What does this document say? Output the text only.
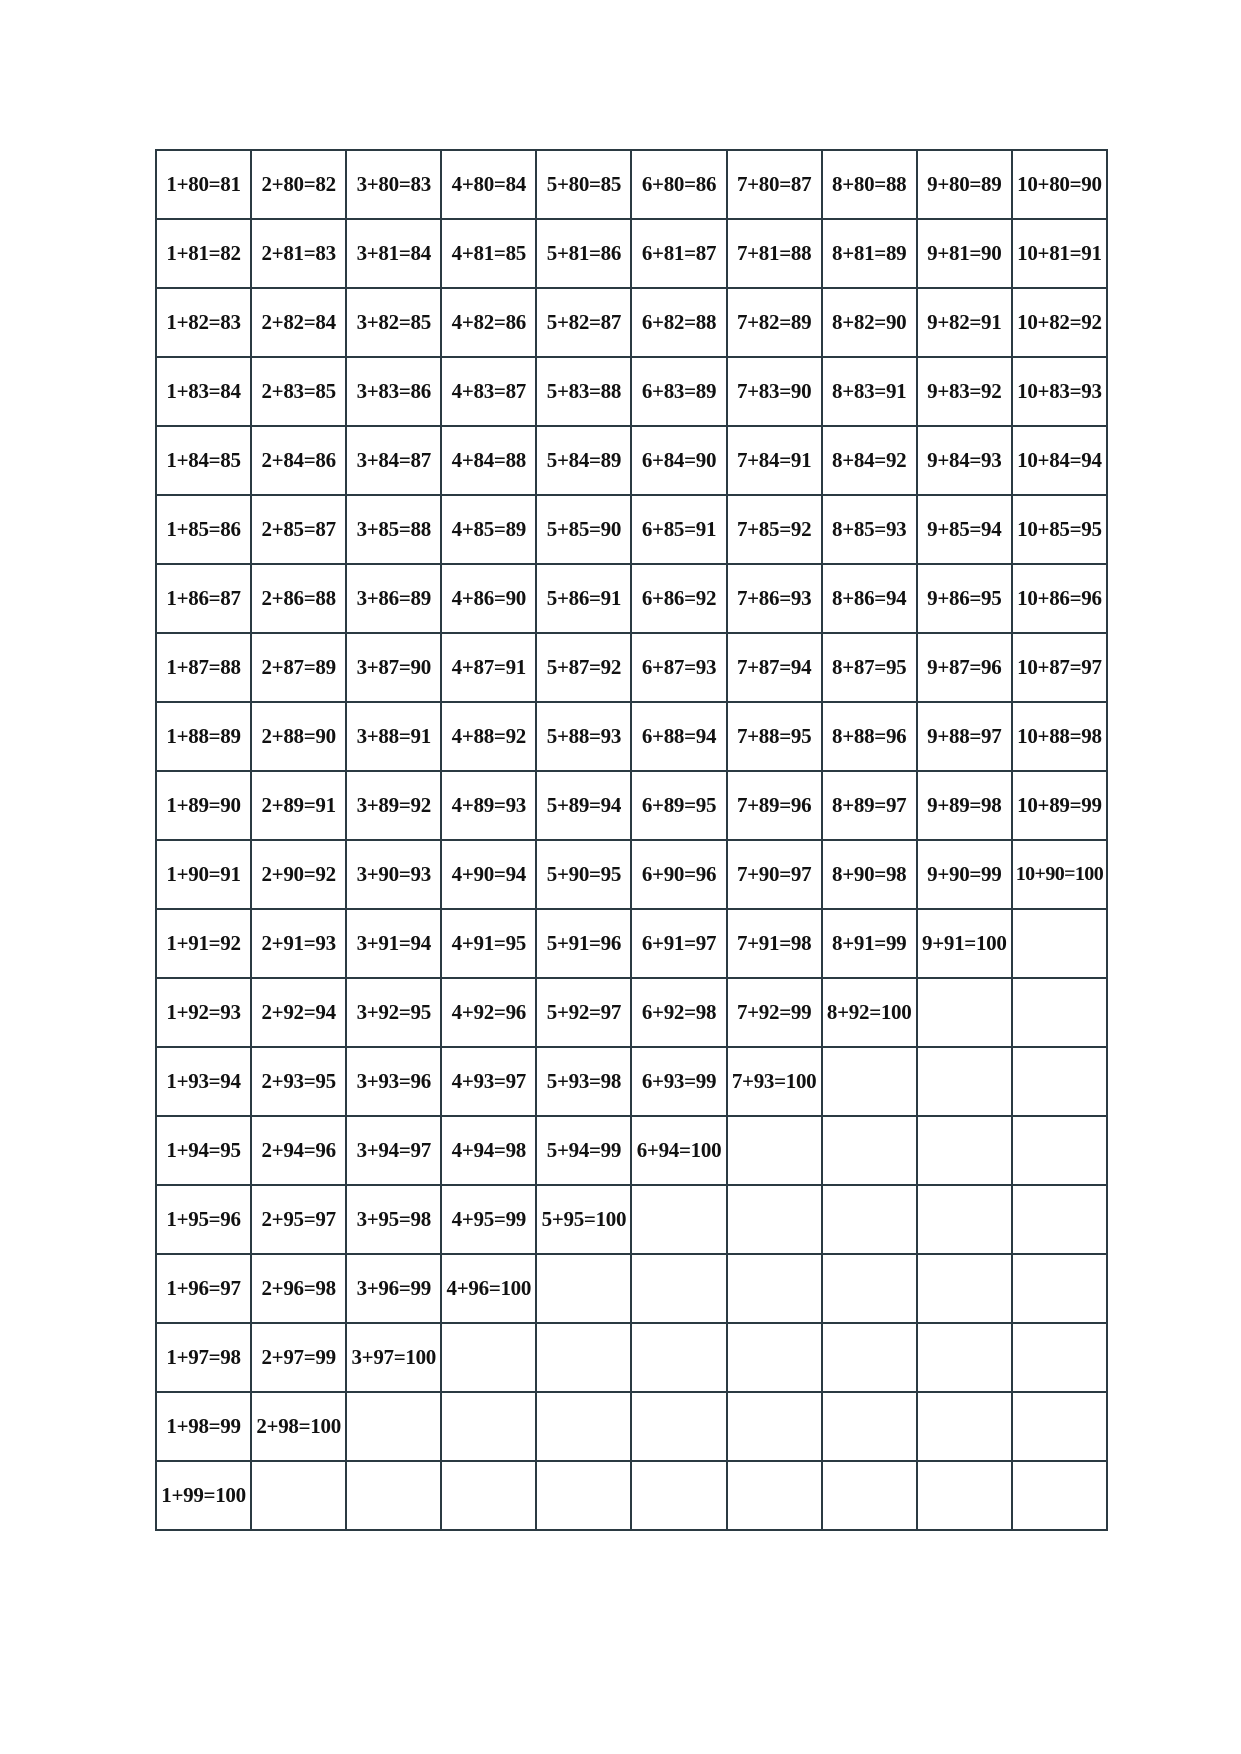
1+80=81	2+80=82	3+80=83	4+80=84	5+80=85	6+80=86	7+80=87	8+80=88	9+80=89	10+80=90
1+81=82	2+81=83	3+81=84	4+81=85	5+81=86	6+81=87	7+81=88	8+81=89	9+81=90	10+81=91
1+82=83	2+82=84	3+82=85	4+82=86	5+82=87	6+82=88	7+82=89	8+82=90	9+82=91	10+82=92
1+83=84	2+83=85	3+83=86	4+83=87	5+83=88	6+83=89	7+83=90	8+83=91	9+83=92	10+83=93
1+84=85	2+84=86	3+84=87	4+84=88	5+84=89	6+84=90	7+84=91	8+84=92	9+84=93	10+84=94
1+85=86	2+85=87	3+85=88	4+85=89	5+85=90	6+85=91	7+85=92	8+85=93	9+85=94	10+85=95
1+86=87	2+86=88	3+86=89	4+86=90	5+86=91	6+86=92	7+86=93	8+86=94	9+86=95	10+86=96
1+87=88	2+87=89	3+87=90	4+87=91	5+87=92	6+87=93	7+87=94	8+87=95	9+87=96	10+87=97
1+88=89	2+88=90	3+88=91	4+88=92	5+88=93	6+88=94	7+88=95	8+88=96	9+88=97	10+88=98
1+89=90	2+89=91	3+89=92	4+89=93	5+89=94	6+89=95	7+89=96	8+89=97	9+89=98	10+89=99
1+90=91	2+90=92	3+90=93	4+90=94	5+90=95	6+90=96	7+90=97	8+90=98	9+90=99	10+90=100
1+91=92	2+91=93	3+91=94	4+91=95	5+91=96	6+91=97	7+91=98	8+91=99	9+91=100	
1+92=93	2+92=94	3+92=95	4+92=96	5+92=97	6+92=98	7+92=99	8+92=100		
1+93=94	2+93=95	3+93=96	4+93=97	5+93=98	6+93=99	7+93=100			
1+94=95	2+94=96	3+94=97	4+94=98	5+94=99	6+94=100				
1+95=96	2+95=97	3+95=98	4+95=99	5+95=100					
1+96=97	2+96=98	3+96=99	4+96=100						
1+97=98	2+97=99	3+97=100							
1+98=99	2+98=100								
1+99=100									
